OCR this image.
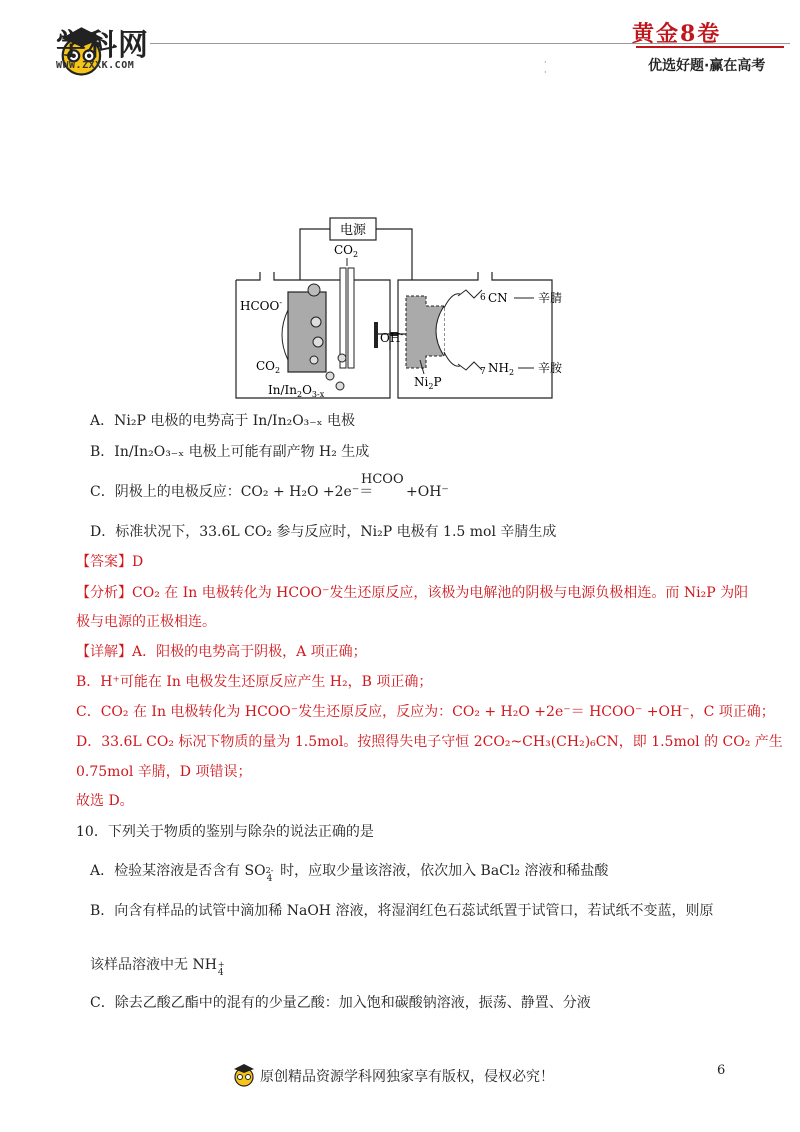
学科网
WWW.ZXXK.COM
黄金8卷
优选好题·赢在高考
·
·
电源
$CO_2$
HCOO-
$CO_2$
$In/In_2O_{3-x}$
OH-
$Ni_2P$
6 CN
7 $NH_2$
辛腈
辛胺
A．Ni₂P 电极的电势高于 In/In₂O₃₋ₓ 电极
B．In/In₂O₃₋ₓ 电极上可能有副产物 H₂ 生成
C．阴极上的电极反应：CO₂ + H₂O +2e⁻＝
HCOO
+OH⁻
D．标准状况下，33.6L CO₂ 参与反应时，Ni₂P 电极有 1.5 mol 辛腈生成
【答案】D
【分析】CO₂ 在 In 电极转化为 HCOO⁻发生还原反应，该极为电解池的阴极与电源负极相连。而 Ni₂P 为阳
极与电源的正极相连。
【详解】A．阳极的电势高于阴极，A 项正确；
B．H⁺可能在 In 电极发生还原反应产生 H₂，B 项正确；
C．CO₂ 在 In 电极转化为 HCOO⁻发生还原反应，反应为：CO₂ + H₂O +2e⁻＝ HCOO⁻ +OH⁻，C 项正确；
D．33.6L CO₂ 标况下物质的量为 1.5mol。按照得失电子守恒 2CO₂~CH₃(CH₂)₆CN，即 1.5mol 的 CO₂ 产生
0.75mol 辛腈，D 项错误；
故选 D。
10．下列关于物质的鉴别与除杂的说法正确的是
A．检验某溶液是否含有 SO 2-
4 时，应取少量该溶液，依次加入 BaCl₂ 溶液和稀盐酸
B．向含有样品的试管中滴加稀 NaOH 溶液，将湿润红色石蕊试纸置于试管口，若试纸不变蓝，则原
该样品溶液中无 NH +
4
C．除去乙酸乙酯中的混有的少量乙酸：加入饱和碳酸钠溶液，振荡、静置、分液
6
原创精品资源学科网独家享有版权，侵权必究！
